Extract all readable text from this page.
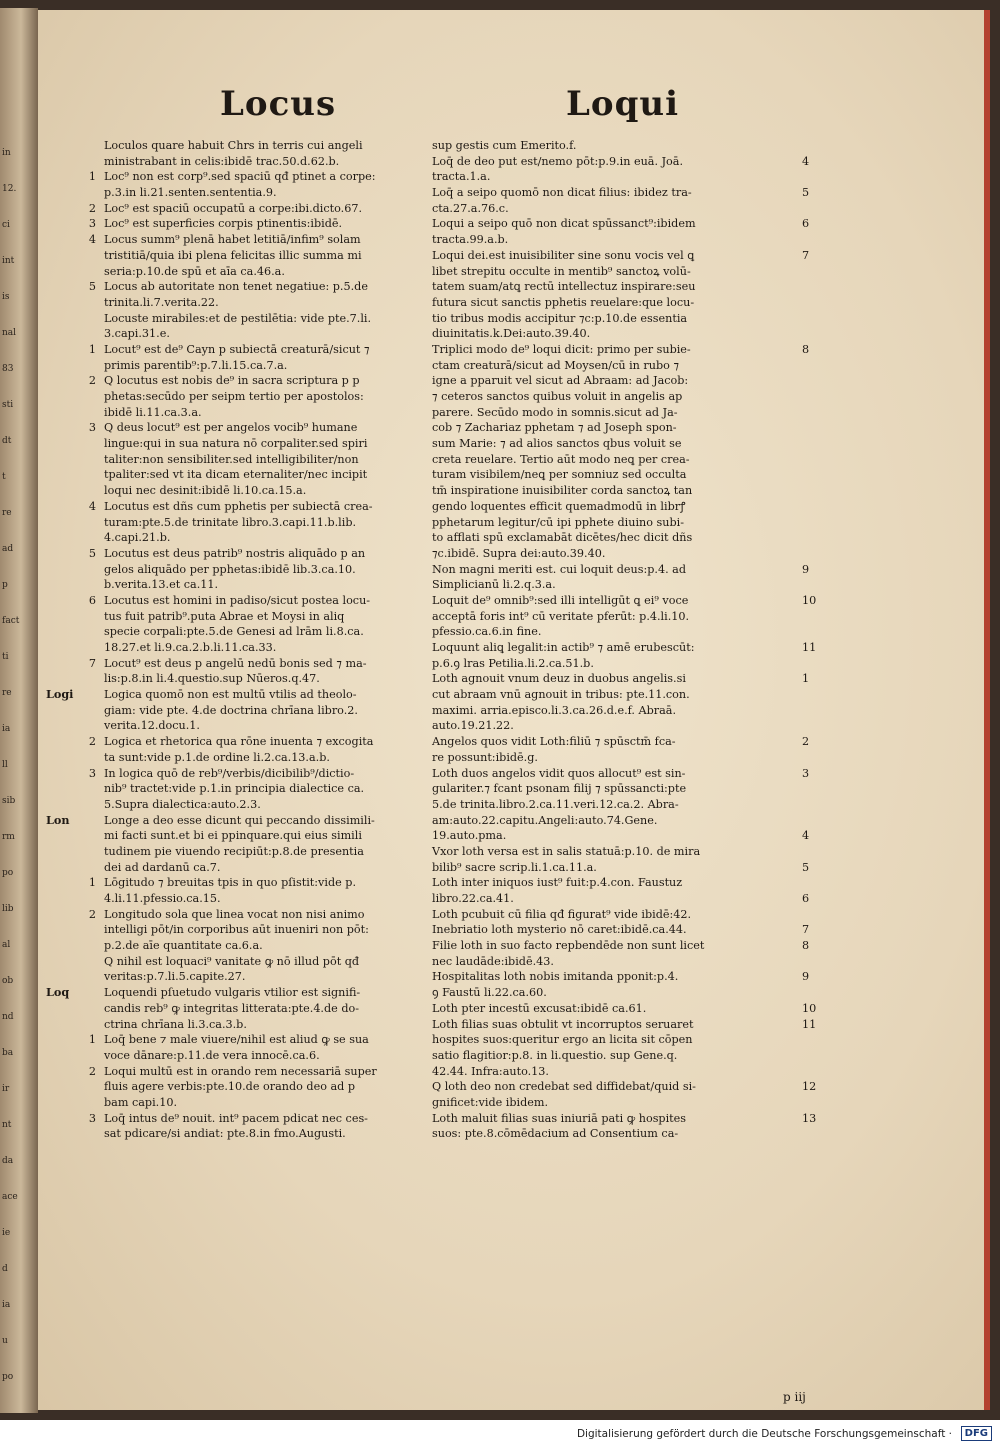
in
12.
ci
int
is
nal
83
sti
dt
t
re
ad
p
fact
ti
re
ia
ll
sib
rm
po
lib
al
ob
nd
ba
ir
nt
da
ace
ie
d
ia
u
po
Locus	Loqui
Loculos quare habuit Chrs in terris cui angeli
ministrabant in celis:ibidē trac.50.d.62.b.
1 Loc⁹ non est corp⁹.sed spaciū qđ ptinet a corpe:
p.3.in li.21.senten.sententia.9.
2 Loc⁹ est spaciū occupatū a corpe:ibi.dicto.67.
3 Loc⁹ est superficies corpis ptinentis:ibidē.
4 Locus summ⁹ plenā habet letitiā/infim⁹ solam
tristitiā/quia ibi plena felicitas illic summa mi
seria:p.10.de spū et aīa ca.46.a.
5 Locus ab autoritate non tenet negatiue: p.5.de
trinita.li.7.verita.22.
Locuste mirabiles:et de pestilētia: vide pte.7.li.
3.capi.31.e.
1 Locut⁹ est de⁹ Cayn p subiectā creaturā/sicut ⁊
primis parentib⁹:p.7.li.15.ca.7.a.
2 Q locutus est nobis de⁹ in sacra scriptura p p
phetas:secūdo per seipm tertio per apostolos:
ibidē li.11.ca.3.a.
3 Q deus locut⁹ est per angelos vocib⁹ humane
lingue:qui in sua natura nō corpaliter.sed spiri
taliter:non sensibiliter.sed intelligibiliter/non
tpaliter:sed vt ita dicam eternaliter/nec incipit
loqui nec desinit:ibidē li.10.ca.15.a.
4 Locutus est dñs cum pphetis per subiectā crea-
turam:pte.5.de trinitate libro.3.capi.11.b.lib.
4.capi.21.b.
5 Locutus est deus patrib⁹ nostris aliquādo p an
gelos aliquādo per pphetas:ibidē lib.3.ca.10.
b.verita.13.et ca.11.
6 Locutus est homini in padiso/sicut postea locu-
tus fuit patrib⁹.puta Abrae et Moysi in aliq
specie corpali:pte.5.de Genesi ad lrām li.8.ca.
18.27.et li.9.ca.2.b.li.11.ca.33.
7 Locut⁹ est deus p angelū nedū bonis sed ⁊ ma-
lis:p.8.in li.4.questio.sup Nūeros.q.47.
Logi	Logica quomō non est multū vtilis ad theolo-
giam: vide pte. 4.de doctrina chrīana libro.2.
verita.12.docu.1.
2 Logica et rhetorica qua rōne inuenta ⁊ excogita
ta sunt:vide p.1.de ordine li.2.ca.13.a.b.
3 In logica quō de reb⁹/verbis/dicibilib⁹/dictio-
nib⁹ tractet:vide p.1.in principia dialectice ca.
5.Supra dialectica:auto.2.3.
Lon	Longe a deo esse dicunt qui peccando dissimili-
mi facti sunt.et bi ei ppinquare.qui eius simili
tudinem pie viuendo recipiūt:p.8.de presentia
dei ad dardanū ca.7.
1 Lōgitudo ⁊ breuitas tpis in quo pſistit:vide p.
4.li.11.pfessio.ca.15.
2 Longitudo sola que linea vocat non nisi animo
intelligi pōt/in corporibus aūt inueniri non pōt:
p.2.de aīe quantitate ca.6.a.
Q nihil est loquaci⁹ vanitate ꝙ nō illud pōt qđ
veritas:p.7.li.5.capite.27.
Loq	Loquendi pſuetudo vulgaris vtilior est signifi-
candis reb⁹ ꝙ integritas litterata:pte.4.de do-
ctrina chrīana li.3.ca.3.b.
1 Loq̄ bene ⁊ male viuere/nihil est aliud ꝙ se sua
voce dānare:p.11.de vera innocē.ca.6.
2 Loqui multū est in orando rem necessariā super
fluis agere verbis:pte.10.de orando deo ad p
bam capi.10.
3 Loq̄ intus de⁹ nouit. int⁹ pacem pdicat nec ces-
sat pdicare/si andiat: pte.8.in fmo.Augusti.
sup gestis cum Emerito.f.
Loq̄ de deo put est/nemo pōt:p.9.in euā. Joā.	4
tracta.1.a.
Loq̄ a seipo quomō non dicat filius: ibidez tra-	5
cta.27.a.76.c.
Loqui a seipo quō non dicat spūssanct⁹:ibidem	6
tracta.99.a.b.
Loqui dei.est inuisibiliter sine sonu vocis vel ꝗ	7
libet strepitu occulte in mentib⁹ sanctoꝝ volū-
tatem suam/atꝗ rectū intellectuz inspirare:seu
futura sicut sanctis pphetis reuelare:que locu-
tio tribus modis accipitur ⁊c:p.10.de essentia
diuinitatis.k.Dei:auto.39.40.
Triplici modo de⁹ loqui dicit: primo per subie-	8
ctam creaturā/sicut ad Moysen/cū in rubo ⁊
igne a pparuit vel sicut ad Abraam: ad Jacob:
⁊ ceteros sanctos quibus voluit in angelis ap
parere. Secūdo modo in somnis.sicut ad Ja-
cob ⁊ Zachariaz pphetam ⁊ ad Joseph spon-
sum Marie: ⁊ ad alios sanctos qbus voluit se
creta reuelare. Tertio aūt modo neꝗ per crea-
turam visibilem/neꝗ per somniuz sed occulta
tm̄ inspiratione inuisibiliter corda sanctoꝝ tan
gendo loquentes efficit quemadmodū in librꝭ
pphetarum legitur/cū ipi pphete diuino subi-
to afflati spū exclamabāt dicētes/hec dicit dñs
⁊c.ibidē. Supra dei:auto.39.40.
Non magni meriti est. cui loquit deus:p.4. ad	9
Simplicianū li.2.q.3.a.
Loquit de⁹ omnib⁹:sed illi intelligūt ꝗ ei⁹ voce	10
acceptā foris int⁹ cū veritate pferūt: p.4.li.10.
pfessio.ca.6.in fine.
Loquunt aliꝗ legalit:in actib⁹ ⁊ amē erubescūt:	11
p.6.ꝯ lras Petilia.li.2.ca.51.b.
Loth agnouit vnum deuz in duobus angelis.si	1
cut abraam vnū agnouit in tribus: pte.11.con.
maximi. arria.episco.li.3.ca.26.d.e.f. Abraā.
auto.19.21.22.
Angelos quos vidit Loth:filiū ⁊ spūsctm̄ fca-	2
re possunt:ibidē.g.
Loth duos angelos vidit quos allocut⁹ est sin-	3
gulariter.⁊ fcant psonam filij ⁊ spūssancti:pte
5.de trinita.libro.2.ca.11.veri.12.ca.2. Abra-
am:auto.22.capitu.Angeli:auto.74.Gene.
19.auto.pma.	4
Vxor loth versa est in salis statuā:p.10. de mira
bilib⁹ sacre scrip.li.1.ca.11.a.	5
Loth inter iniquos iust⁹ fuit:p.4.con. Faustuz
libro.22.ca.41.	6
Loth pcubuit cū filia qđ figurat⁹ vide ibidē:42.
Inebriatio loth mysterio nō caret:ibidē.ca.44.	7
Filie loth in suo facto repbendēde non sunt licet	8
nec laudāde:ibidē.43.
Hospitalitas loth nobis imitanda pponit:p.4.	9
ꝯ Faustū li.22.ca.60.
Loth pter incestū excusat:ibidē ca.61.	10
Loth filias suas obtulit vt incorruptos seruaret	11
hospites suos:queritur ergo an licita sit cōpen
satio flagitior:p.8. in li.questio. sup Gene.q.
42.44. Infra:auto.13.
Q loth deo non credebat sed diffidebat/quid si-	12
gnificet:vide ibidem.
Loth maluit filias suas iniuriā pati ꝙ hospites	13
suos: pte.8.cōmēdacium ad Consentium ca-
p iij
Digitalisierung gefördert durch die Deutsche Forschungsgemeinschaft ·	DFG
